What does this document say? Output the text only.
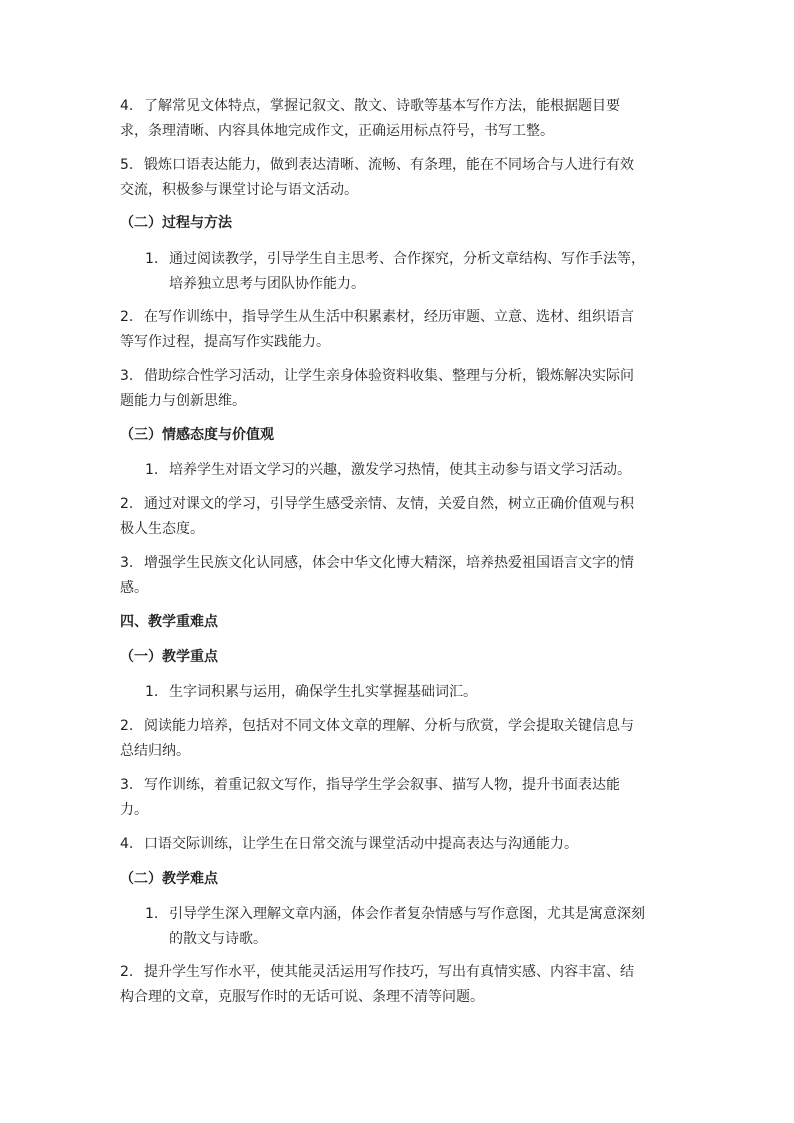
4. 了解常见文体特点，掌握记叙文、散文、诗歌等基本写作方法，能根据题目要
求，条理清晰、内容具体地完成作文，正确运用标点符号，书写工整。
5. 锻炼口语表达能力，做到表达清晰、流畅、有条理，能在不同场合与人进行有效
交流，积极参与课堂讨论与语文活动。
（二）过程与方法
1. 通过阅读教学，引导学生自主思考、合作探究，分析文章结构、写作手法等，
培养独立思考与团队协作能力。
2. 在写作训练中，指导学生从生活中积累素材，经历审题、立意、选材、组织语言
等写作过程，提高写作实践能力。
3. 借助综合性学习活动，让学生亲身体验资料收集、整理与分析，锻炼解决实际问
题能力与创新思维。
（三）情感态度与价值观
1. 培养学生对语文学习的兴趣，激发学习热情，使其主动参与语文学习活动。
2. 通过对课文的学习，引导学生感受亲情、友情，关爱自然，树立正确价值观与积
极人生态度。
3. 增强学生民族文化认同感，体会中华文化博大精深，培养热爱祖国语言文字的情
感。
四、教学重难点
（一）教学重点
1. 生字词积累与运用，确保学生扎实掌握基础词汇。
2. 阅读能力培养，包括对不同文体文章的理解、分析与欣赏，学会提取关键信息与
总结归纳。
3. 写作训练，着重记叙文写作，指导学生学会叙事、描写人物，提升书面表达能
力。
4. 口语交际训练，让学生在日常交流与课堂活动中提高表达与沟通能力。
（二）教学难点
1. 引导学生深入理解文章内涵，体会作者复杂情感与写作意图，尤其是寓意深刻
的散文与诗歌。
2. 提升学生写作水平，使其能灵活运用写作技巧，写出有真情实感、内容丰富、结
构合理的文章，克服写作时的无话可说、条理不清等问题。
